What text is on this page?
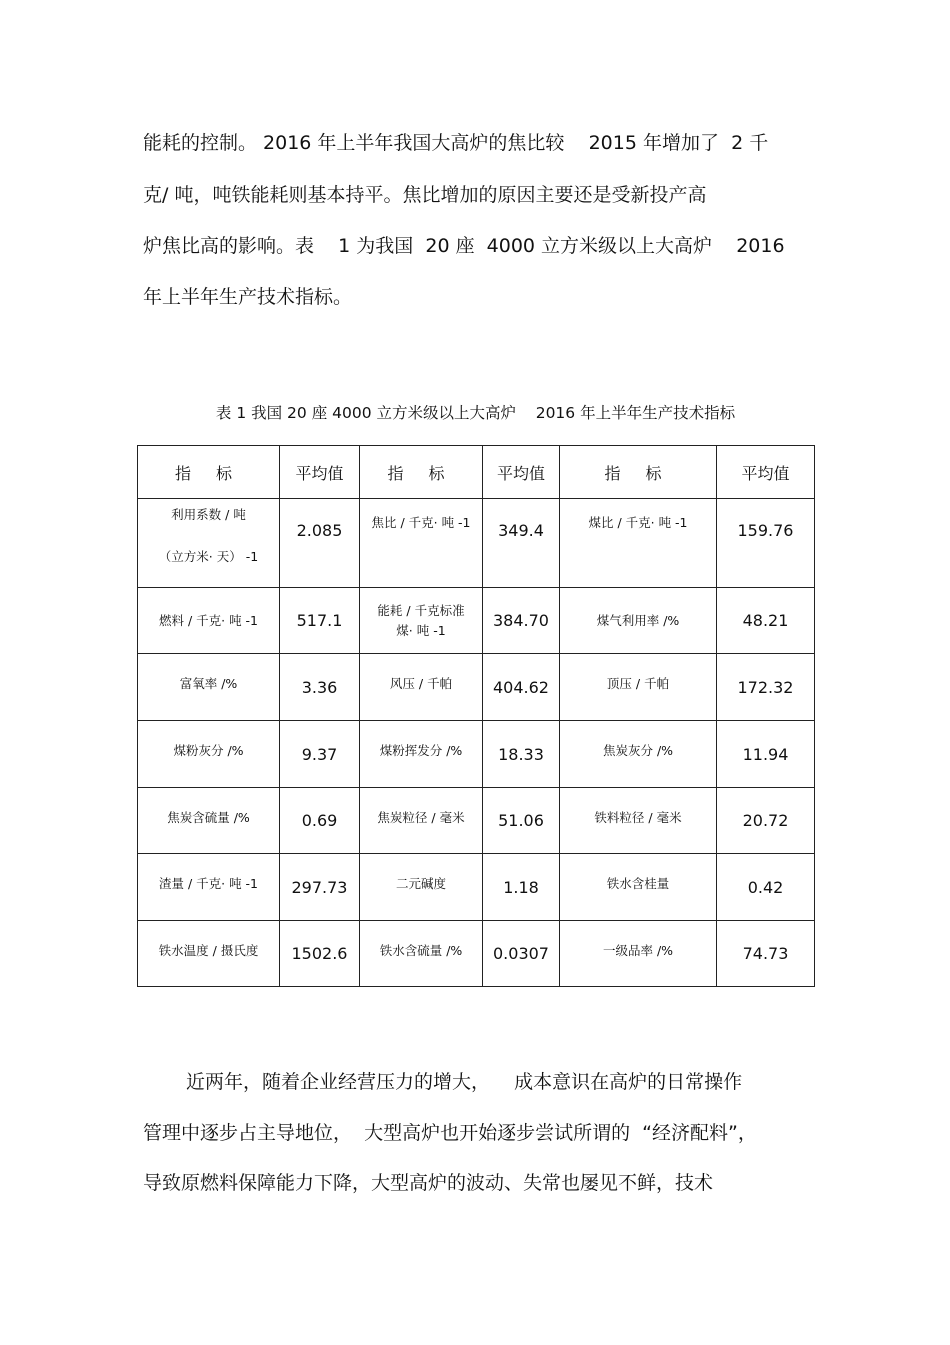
能耗的控制。 2016 年上半年我国大高炉的焦比较    2015 年增加了  2 千
克/ 吨，吨铁能耗则基本持平。焦比增加的原因主要还是受新投产高
炉焦比高的影响。表    1 为我国  20 座  4000 立方米级以上大高炉    2016
年上半年生产技术指标。
表 1 我国 20 座 4000 立方米级以上大高炉    2016 年上半年生产技术指标
指 标	平均值	指 标	平均值	指 标	平均值

利用系数 / 吨
（立方米· 天） -1	2.085	焦比 / 千克· 吨 -1	349.4	煤比 / 千克· 吨 -1	159.76
燃料 / 千克· 吨 -1	517.1	能耗 / 千克标准
煤· 吨 -1	384.70	煤气利用率 /%	48.21
富氧率 /%	3.36	风压 / 千帕	404.62	顶压 / 千帕	172.32
煤粉灰分 /%	9.37	煤粉挥发分 /%	18.33	焦炭灰分 /%	11.94
焦炭含硫量 /%	0.69	焦炭粒径 / 毫米	51.06	铁料粒径 / 毫米	20.72
渣量 / 千克· 吨 -1	297.73	二元碱度	1.18	铁水含桂量	0.42
铁水温度 / 摄氏度	1502.6	铁水含硫量 /%	0.0307	一级品率 /%	74.73
近两年，随着企业经营压力的增大，    成本意识在高炉的日常操作
管理中逐步占主导地位，  大型高炉也开始逐步尝试所谓的  “经济配料”，
导致原燃料保障能力下降，大型高炉的波动、失常也屡见不鲜，技术
